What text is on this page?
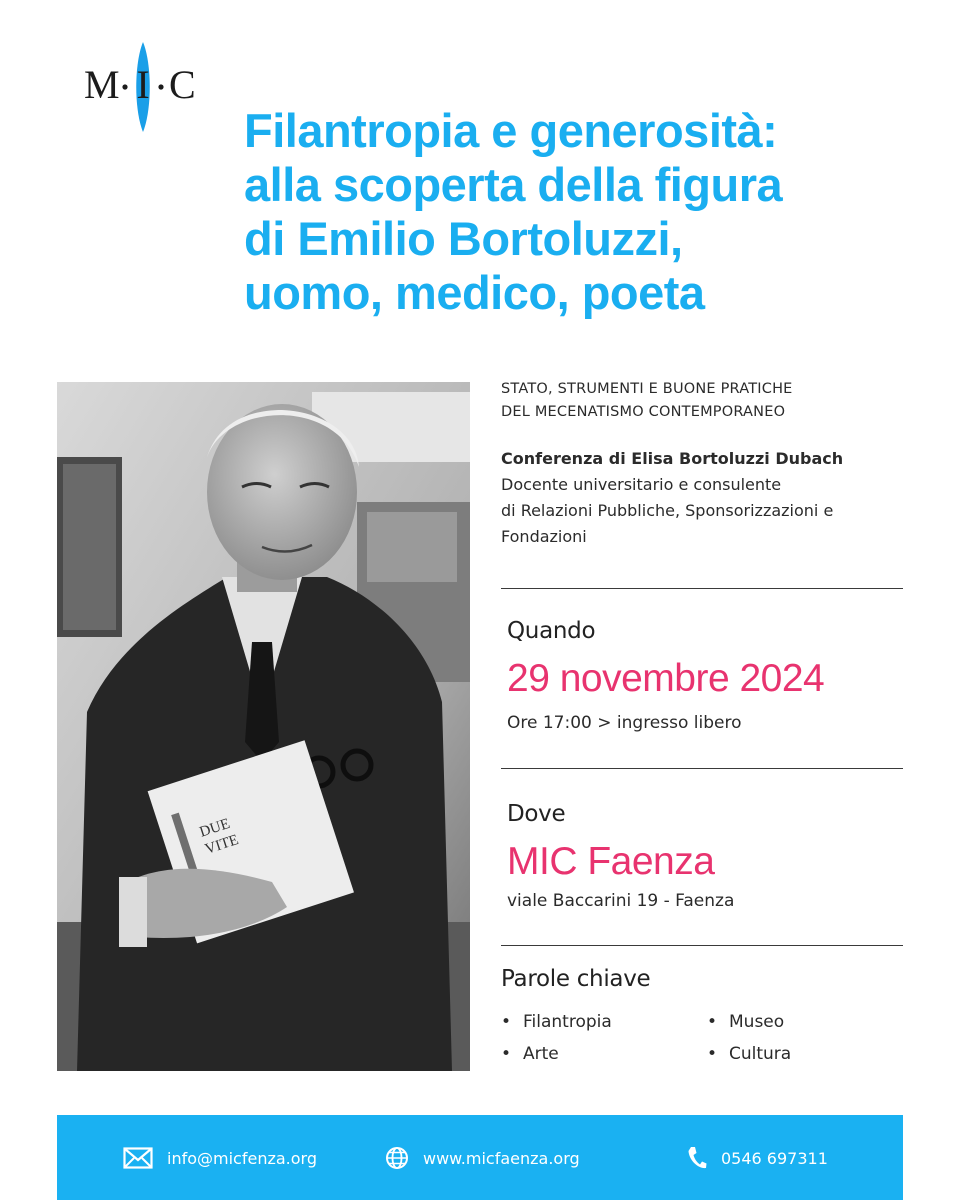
M I C
Filantropia e generosità:
alla scoperta della figura
di Emilio Bortoluzzi,
uomo, medico, poeta
DUE
VITE
STATO, STRUMENTI E BUONE PRATICHE
DEL MECENATISMO CONTEMPORANEO
Conferenza di Elisa Bortoluzzi Dubach
Docente universitario e consulente
di Relazioni Pubbliche, Sponsorizzazioni e
Fondazioni
Quando
29 novembre 2024
Ore 17:00 > ingresso libero
Dove
MIC Faenza
viale Baccarini 19 - Faenza
Parole chiave
• Filantropia	• Museo
• Arte	• Cultura
info@micfenza.org	www.micfaenza.org	0546 697311
